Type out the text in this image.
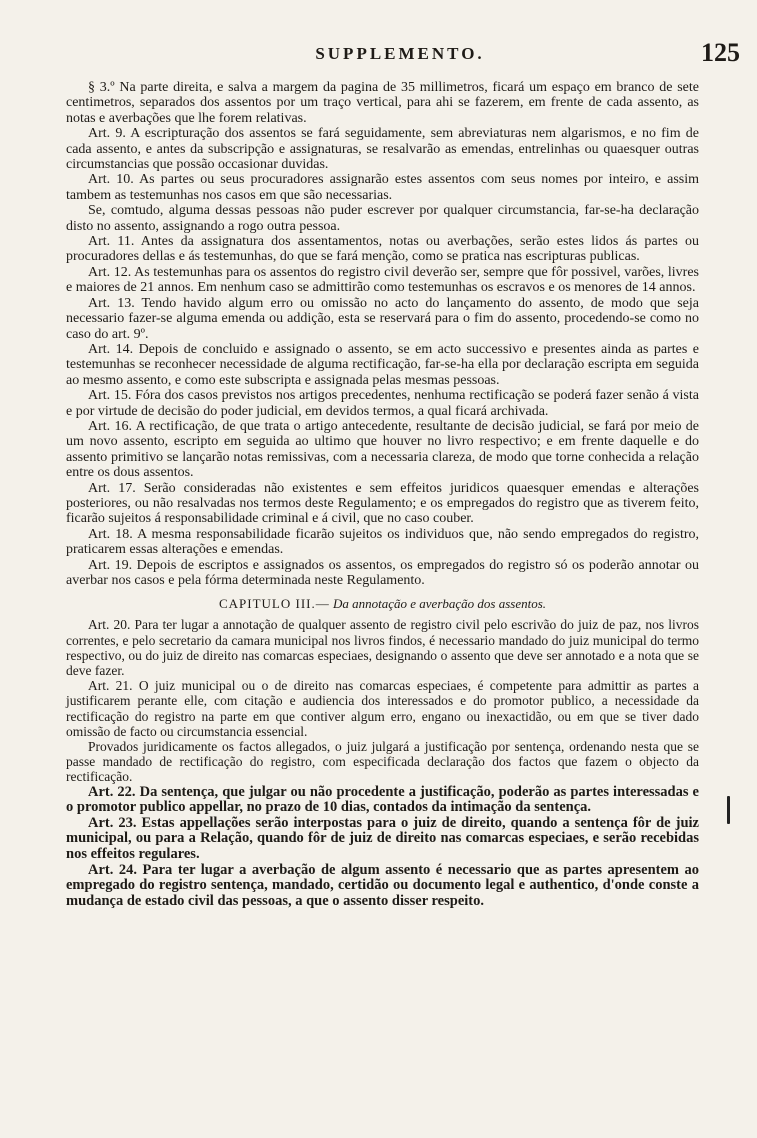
SUPPLEMENTO.	125

§ 3.º Na parte direita, e salva a margem da pagina de 35 millimetros, ficará um espaço em branco de sete centimetros, separados dos assentos por um traço vertical, para ahi se fazerem, em frente de cada assento, as notas e averbações que lhe forem relativas.

Art. 9. A escripturação dos assentos se fará seguidamente, sem abreviaturas nem algarismos, e no fim de cada assento, e antes da subscripção e assignaturas, se resalvarão as emendas, entrelinhas ou quaesquer outras circumstancias que possão occasionar duvidas.

Art. 10. As partes ou seus procuradores assignarão estes assentos com seus nomes por inteiro, e assim tambem as testemunhas nos casos em que são necessarias.

Se, comtudo, alguma dessas pessoas não puder escrever por qualquer circumstancia, far-se-ha declaração disto no assento, assignando a rogo outra pessoa.

Art. 11. Antes da assignatura dos assentamentos, notas ou averbações, serão estes lidos ás partes ou procuradores dellas e ás testemunhas, do que se fará menção, como se pratica nas escripturas publicas.

Art. 12. As testemunhas para os assentos do registro civil deverão ser, sempre que fôr possivel, varões, livres e maiores de 21 annos. Em nenhum caso se admittirão como testemunhas os escravos e os menores de 14 annos.

Art. 13. Tendo havido algum erro ou omissão no acto do lançamento do assento, de modo que seja necessario fazer-se alguma emenda ou addição, esta se reservará para o fim do assento, procedendo-se como no caso do art. 9º.

Art. 14. Depois de concluido e assignado o assento, se em acto successivo e presentes ainda as partes e testemunhas se reconhecer necessidade de alguma rectificação, far-se-ha ella por declaração escripta em seguida ao mesmo assento, e como este subscripta e assignada pelas mesmas pessoas.

Art. 15. Fóra dos casos previstos nos artigos precedentes, nenhuma rectificação se poderá fazer senão á vista e por virtude de decisão do poder judicial, em devidos termos, a qual ficará archivada.

Art. 16. A rectificação, de que trata o artigo antecedente, resultante de decisão judicial, se fará por meio de um novo assento, escripto em seguida ao ultimo que houver no livro respectivo; e em frente daquelle e do assento primitivo se lançarão notas remissivas, com a necessaria clareza, de modo que torne conhecida a relação entre os dous assentos.

Art. 17. Serão consideradas não existentes e sem effeitos juridicos quaesquer emendas e alterações posteriores, ou não resalvadas nos termos deste Regulamento; e os empregados do registro que as tiverem feito, ficarão sujeitos á responsabilidade criminal e á civil, que no caso couber.

Art. 18. A mesma responsabilidade ficarão sujeitos os individuos que, não sendo empregados do registro, praticarem essas alterações e emendas.

Art. 19. Depois de escriptos e assignados os assentos, os empregados do registro só os poderão annotar ou averbar nos casos e pela fórma determinada neste Regulamento.

CAPITULO III.— Da annotação e averbação dos assentos.

Art. 20. Para ter lugar a annotação de qualquer assento de registro civil pelo escrivão do juiz de paz, nos livros correntes, e pelo secretario da camara municipal nos livros findos, é necessario mandado do juiz municipal do termo respectivo, ou do juiz de direito nas comarcas especiaes, designando o assento que deve ser annotado e a nota que se deve fazer.

Art. 21. O juiz municipal ou o de direito nas comarcas especiaes, é competente para admittir as partes a justificarem perante elle, com citação e audiencia dos interessados e do promotor publico, a necessidade da rectificação do registro na parte em que contiver algum erro, engano ou inexactidão, ou em que se tiver dado omissão de facto ou circumstancia essencial.

Provados juridicamente os factos allegados, o juiz julgará a justificação por sentença, ordenando nesta que se passe mandado de rectificação do registro, com especificada declaração dos factos que fazem o objecto da rectificação.

Art. 22. Da sentença, que julgar ou não procedente a justificação, poderão as partes interessadas e o promotor publico appellar, no prazo de 10 dias, contados da intimação da sentença.

Art. 23. Estas appellações serão interpostas para o juiz de direito, quando a sentença fôr de juiz municipal, ou para a Relação, quando fôr de juiz de direito nas comarcas especiaes, e serão recebidas nos effeitos regulares.

Art. 24. Para ter lugar a averbação de algum assento é necessario que as partes apresentem ao empregado do registro sentença, mandado, certidão ou documento legal e authentico, d'onde conste a mudança de estado civil das pessoas, a que o assento disser respeito.
